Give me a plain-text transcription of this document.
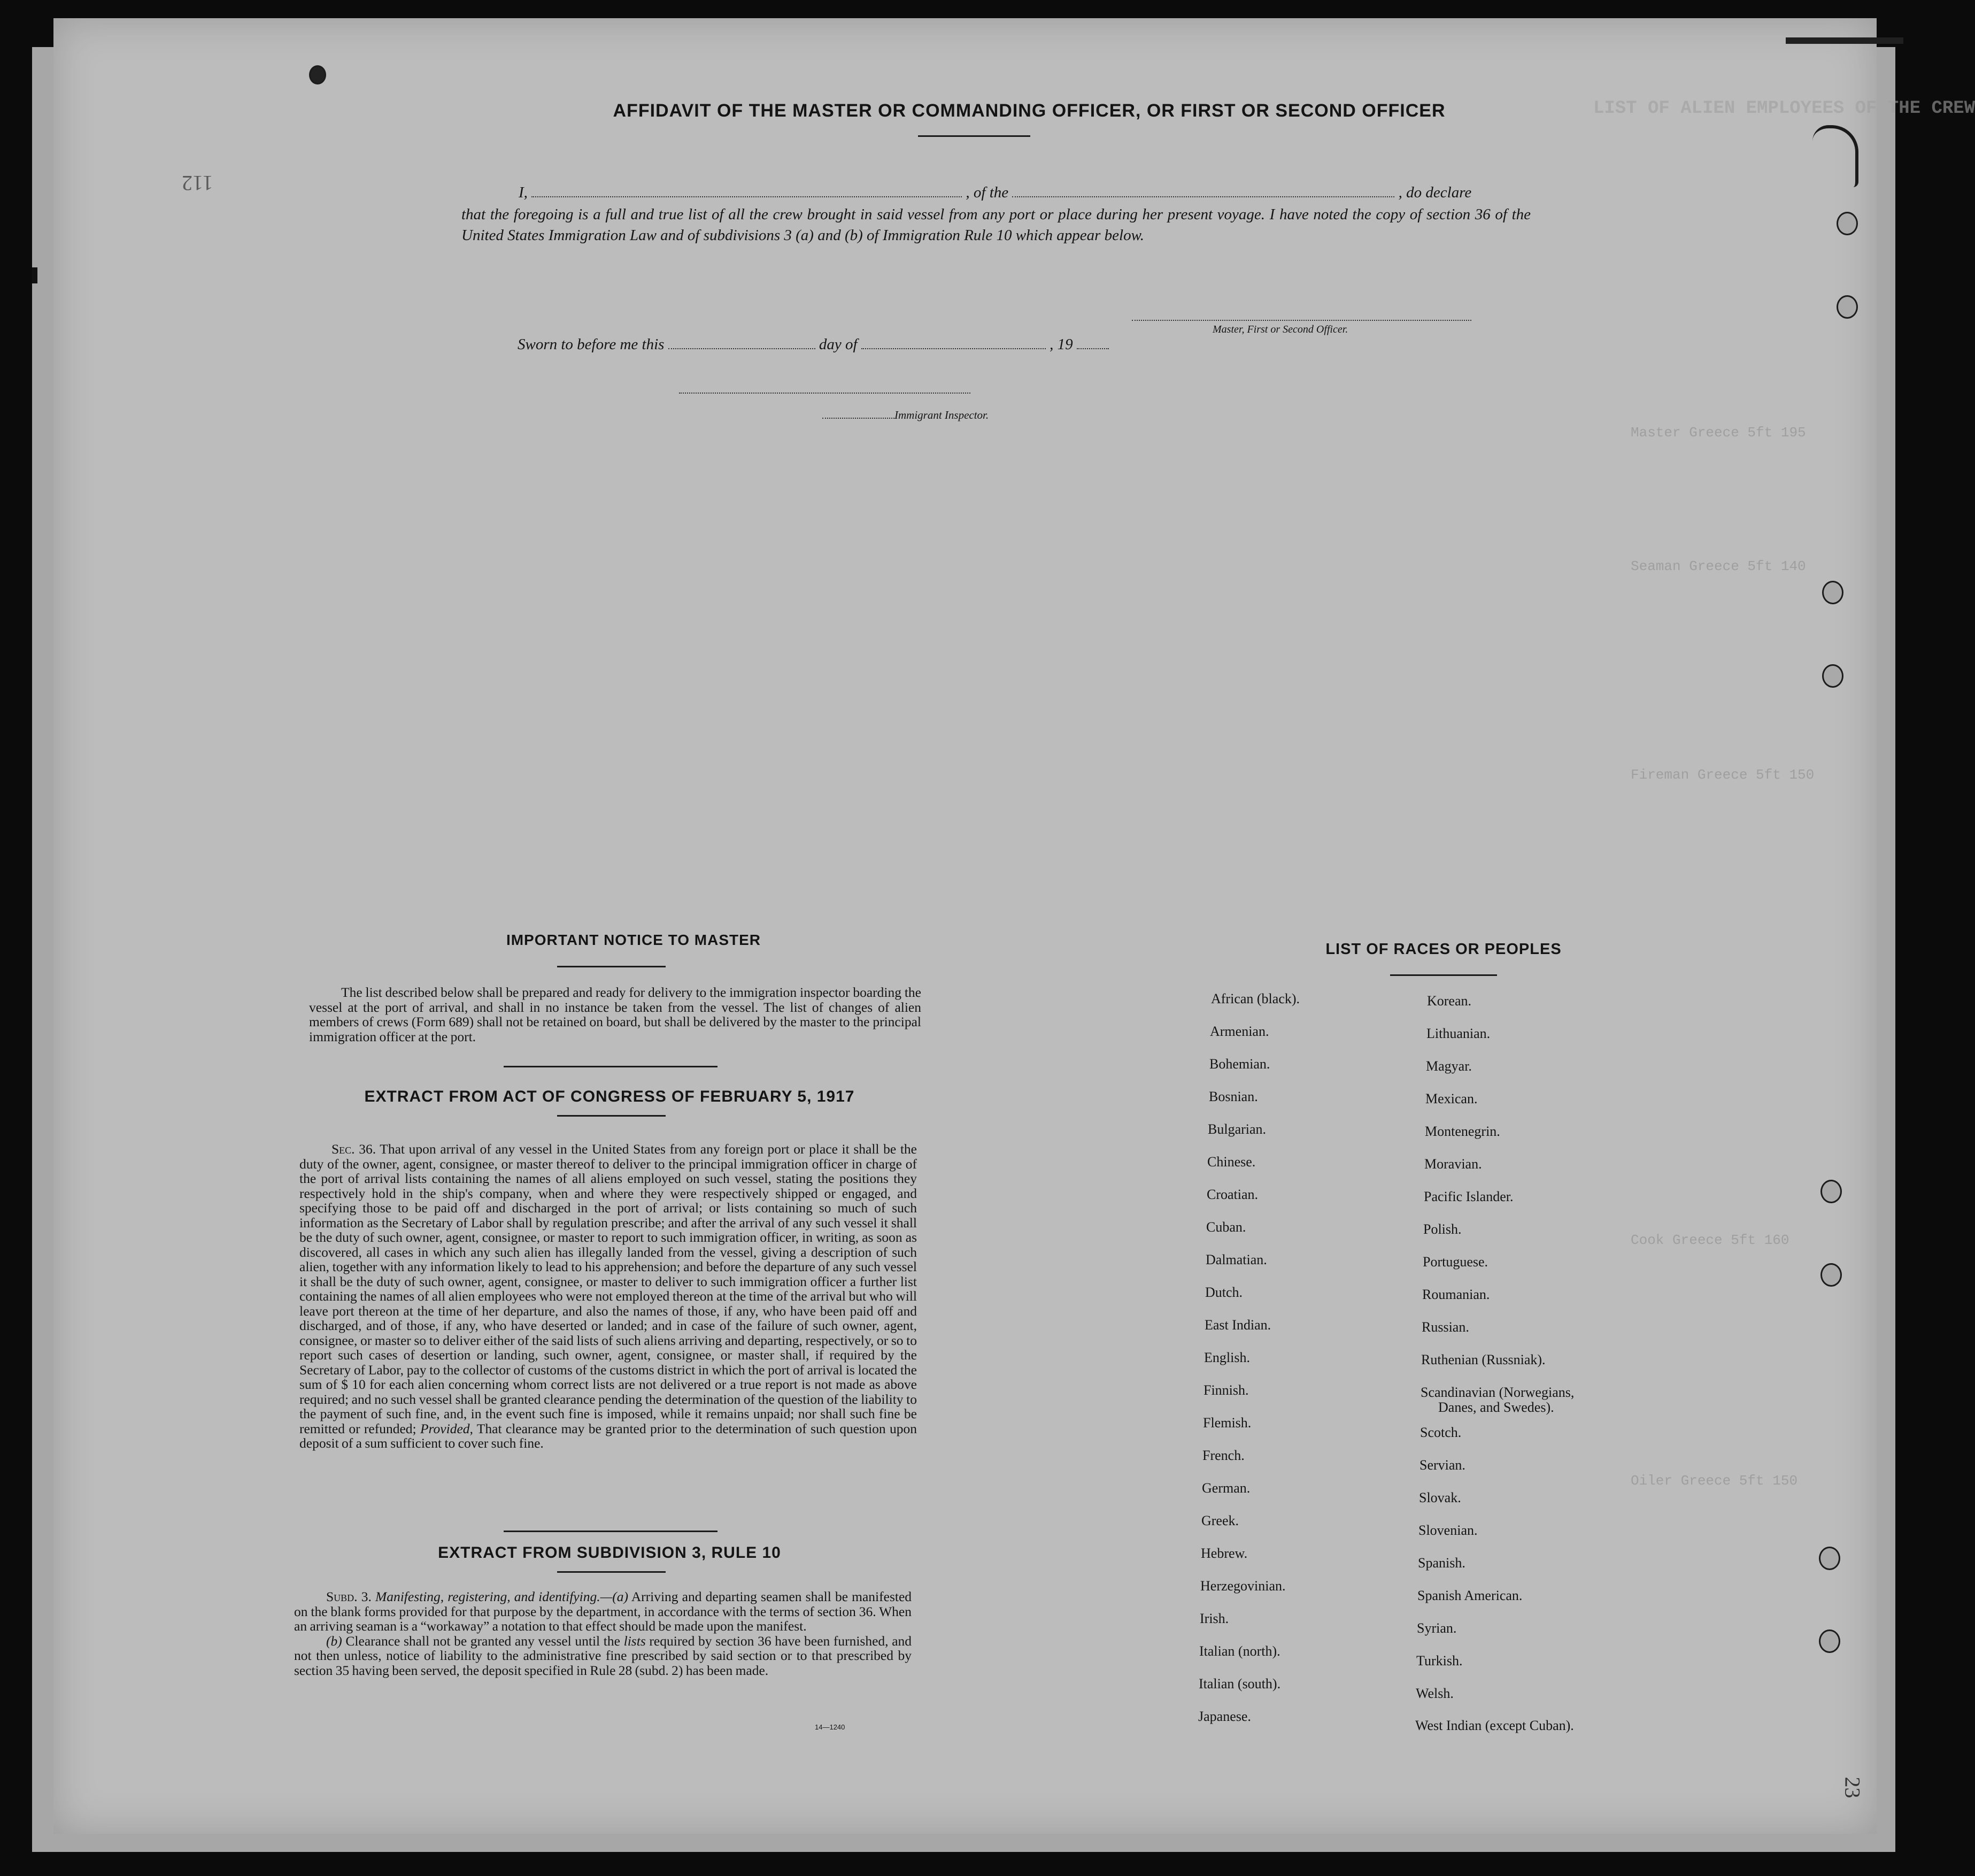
LIST OF ALIEN EMPLOYEES OF THE CREW
Master Greece 5ft 195
Seaman Greece 5ft 140
Fireman Greece 5ft 150
Cook Greece 5ft 160
Oiler Greece 5ft 150
112
AFFIDAVIT OF THE MASTER OR COMMANDING OFFICER, OR FIRST OR SECOND OFFICER
I,	, of the	, do declare
that the foregoing is a full and true list of all the crew brought in said vessel from any port or place during her present voyage. I have noted the copy of section 36 of the United States Immigration Law and of subdivisions 3 (a) and (b) of Immigration Rule 10 which appear below.
Master, First or Second Officer.
Sworn to before me this	day of	, 19
Immigrant Inspector.
IMPORTANT NOTICE TO MASTER

The list described below shall be prepared and ready for delivery to the immigration inspector boarding the vessel at the port of arrival, and shall in no instance be taken from the vessel. The list of changes of alien members of crews (Form 689) shall not be retained on board, but shall be delivered by the master to the principal immigration officer at the port.

EXTRACT FROM ACT OF CONGRESS OF FEBRUARY 5, 1917

Sec. 36. That upon arrival of any vessel in the United States from any foreign port or place it shall be the duty of the owner, agent, consignee, or master thereof to deliver to the principal immigration officer in charge of the port of arrival lists containing the names of all aliens employed on such vessel, stating the positions they respectively hold in the ship's company, when and where they were respectively shipped or engaged, and specifying those to be paid off and discharged in the port of arrival; or lists containing so much of such information as the Secretary of Labor shall by regulation prescribe; and after the arrival of any such vessel it shall be the duty of such owner, agent, consignee, or master to report to such immigration officer, in writing, as soon as discovered, all cases in which any such alien has illegally landed from the vessel, giving a description of such alien, together with any information likely to lead to his apprehension; and before the departure of any such vessel it shall be the duty of such owner, agent, consignee, or master to deliver to such immigration officer a further list containing the names of all alien employees who were not employed thereon at the time of the arrival but who will leave port thereon at the time of her departure, and also the names of those, if any, who have been paid off and discharged, and of those, if any, who have deserted or landed; and in case of the failure of such owner, agent, consignee, or master so to deliver either of the said lists of such aliens arriving and departing, respectively, or so to report such cases of desertion or landing, such owner, agent, consignee, or master shall, if required by the Secretary of Labor, pay to the collector of customs of the customs district in which the port of arrival is located the sum of $ 10 for each alien concerning whom correct lists are not delivered or a true report is not made as above required; and no such vessel shall be granted clearance pending the determination of the question of the liability to the payment of such fine, and, in the event such fine is imposed, while it remains unpaid; nor shall such fine be remitted or refunded; Provided, That clearance may be granted prior to the determination of such question upon deposit of a sum sufficient to cover such fine.

EXTRACT FROM SUBDIVISION 3, RULE 10

Subd. 3. Manifesting, registering, and identifying.—(a) Arriving and departing seamen shall be manifested on the blank forms provided for that purpose by the department, in accordance with the terms of section 36. When an arriving seaman is a “workaway” a notation to that effect should be made upon the manifest.

(b) Clearance shall not be granted any vessel until the lists required by section 36 have been furnished, and not then unless, notice of liability to the administrative fine prescribed by said section or to that prescribed by section 35 having been served, the deposit specified in Rule 28 (subd. 2) has been made.

14—1240
LIST OF RACES OR PEOPLES
African (black).
Armenian.
Bohemian.
Bosnian.
Bulgarian.
Chinese.
Croatian.
Cuban.
Dalmatian.
Dutch.
East Indian.
English.
Finnish.
Flemish.
French.
German.
Greek.
Hebrew.
Herzegovinian.
Irish.
Italian (north).
Italian (south).
Japanese.
Korean.
Lithuanian.
Magyar.
Mexican.
Montenegrin.
Moravian.
Pacific Islander.
Polish.
Portuguese.
Roumanian.
Russian.
Ruthenian (Russniak).
Scandinavian (Norwegians,
Danes, and Swedes).
Scotch.
Servian.
Slovak.
Slovenian.
Spanish.
Spanish American.
Syrian.
Turkish.
Welsh.
West Indian (except Cuban).
23
